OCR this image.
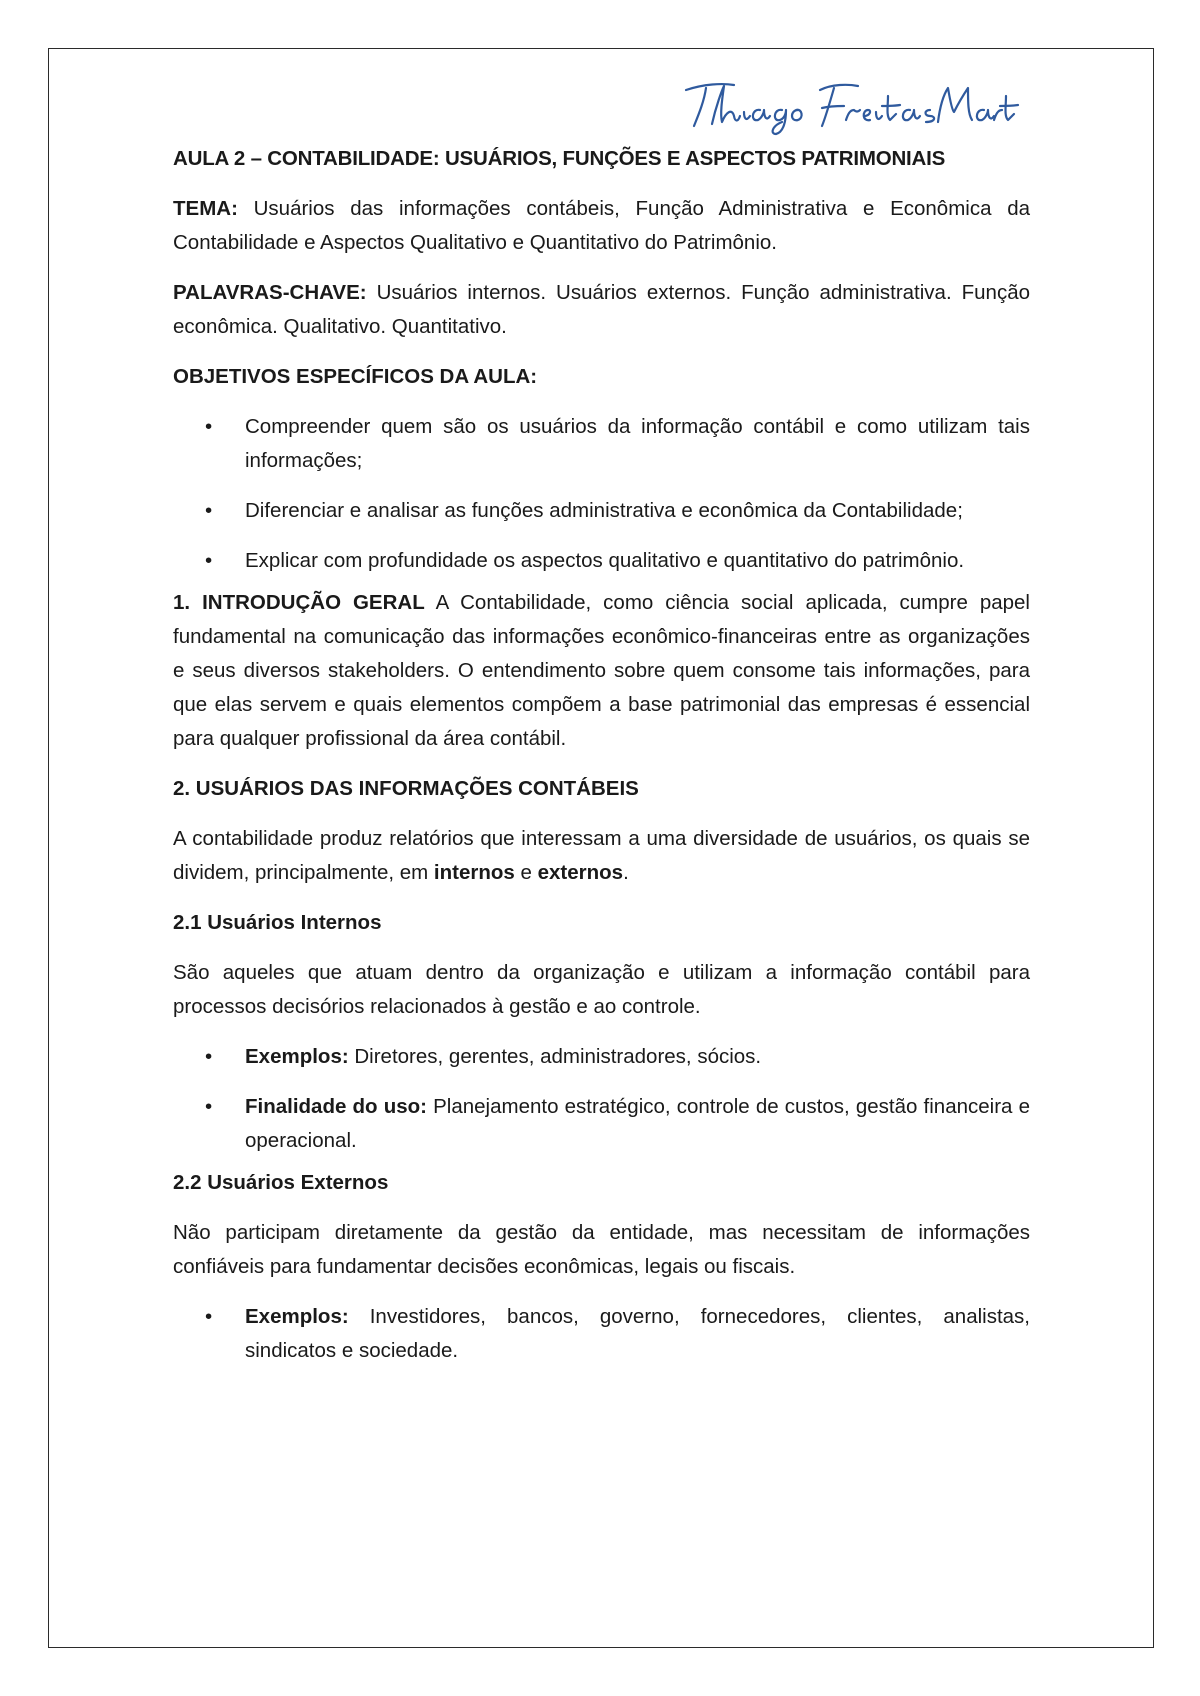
AULA 2 – CONTABILIDADE: USUÁRIOS, FUNÇÕES E ASPECTOS PATRIMONIAIS

TEMA: Usuários das informações contábeis, Função Administrativa e Econômica da Contabilidade e Aspectos Qualitativo e Quantitativo do Patrimônio.

PALAVRAS-CHAVE: Usuários internos. Usuários externos. Função administrativa. Função econômica. Qualitativo. Quantitativo.

OBJETIVOS ESPECÍFICOS DA AULA:
• Compreender quem são os usuários da informação contábil e como utilizam tais informações;
• Diferenciar e analisar as funções administrativa e econômica da Contabilidade;
• Explicar com profundidade os aspectos qualitativo e quantitativo do patrimônio.

1. INTRODUÇÃO GERAL A Contabilidade, como ciência social aplicada, cumpre papel fundamental na comunicação das informações econômico-financeiras entre as organizações e seus diversos stakeholders. O entendimento sobre quem consome tais informações, para que elas servem e quais elementos compõem a base patrimonial das empresas é essencial para qualquer profissional da área contábil.

2. USUÁRIOS DAS INFORMAÇÕES CONTÁBEIS

A contabilidade produz relatórios que interessam a uma diversidade de usuários, os quais se dividem, principalmente, em internos e externos.

2.1 Usuários Internos

São aqueles que atuam dentro da organização e utilizam a informação contábil para processos decisórios relacionados à gestão e ao controle.

• Exemplos: Diretores, gerentes, administradores, sócios.
• Finalidade do uso: Planejamento estratégico, controle de custos, gestão financeira e operacional.
2.2 Usuários Externos

Não participam diretamente da gestão da entidade, mas necessitam de informações confiáveis para fundamentar decisões econômicas, legais ou fiscais.

• Exemplos: Investidores, bancos, governo, fornecedores, clientes, analistas, sindicatos e sociedade.
